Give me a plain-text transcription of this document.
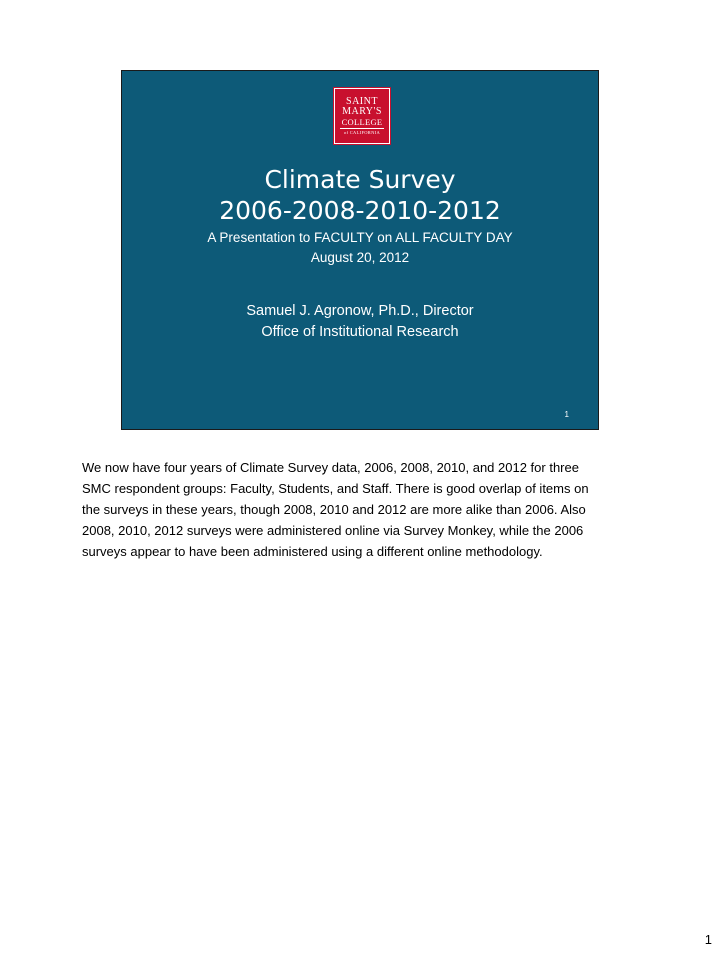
SAINT
MARY'S
COLLEGE
of CALIFORNIA
Climate Survey
2006-2008-2010-2012
A Presentation to FACULTY on ALL FACULTY DAY
August 20, 2012
Samuel J. Agronow, Ph.D., Director
Office of Institutional Research
1

We now have four years of Climate Survey data, 2006, 2008, 2010, and 2012 for three
SMC respondent groups: Faculty, Students, and Staff. There is good overlap of items on
the surveys in these years, though 2008, 2010 and 2012 are more alike than 2006. Also
2008, 2010, 2012 surveys were administered online via Survey Monkey, while the 2006
surveys appear to have been administered using a different online methodology.

1
